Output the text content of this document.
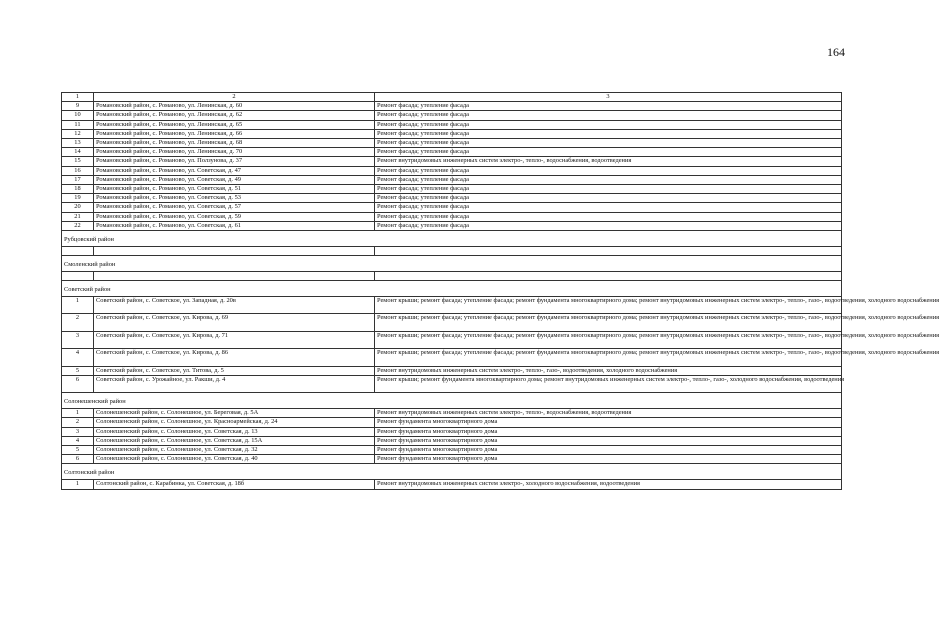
164
1	2	3
9	Романовский район, с. Романово, ул. Ленинская, д. 60	Ремонт фасада; утепление фасада
10	Романовский район, с. Романово, ул. Ленинская, д. 62	Ремонт фасада; утепление фасада
11	Романовский район, с. Романово, ул. Ленинская, д. 65	Ремонт фасада; утепление фасада
12	Романовский район, с. Романово, ул. Ленинская, д. 66	Ремонт фасада; утепление фасада
13	Романовский район, с. Романово, ул. Ленинская, д. 68	Ремонт фасада; утепление фасада
14	Романовский район, с. Романово, ул. Ленинская, д. 70	Ремонт фасада; утепление фасада
15	Романовский район, с. Романово, ул. Ползунова, д. 37	Ремонт внутридомовых инженерных систем электро-, тепло-, водоснабжения, водоотведения
16	Романовский район, с. Романово, ул. Советская, д. 47	Ремонт фасада; утепление фасада
17	Романовский район, с. Романово, ул. Советская, д. 49	Ремонт фасада; утепление фасада
18	Романовский район, с. Романово, ул. Советская, д. 51	Ремонт фасада; утепление фасада
19	Романовский район, с. Романово, ул. Советская, д. 53	Ремонт фасада; утепление фасада
20	Романовский район, с. Романово, ул. Советская, д. 57	Ремонт фасада; утепление фасада
21	Романовский район, с. Романово, ул. Советская, д. 59	Ремонт фасада; утепление фасада
22	Романовский район, с. Романово, ул. Советская, д. 61	Ремонт фасада; утепление фасада
Рубцовский район		

Смоленский район		

Советский район		
1	Советский район, с. Советское, ул. Западная, д. 20в	Ремонт крыши; ремонт фасада; утепление фасада; ремонт фундамента многоквартирного дома; ремонт внутридомовых инженерных систем электро-, тепло-, газо-, водоотведения, холодного водоснабжения
2	Советский район, с. Советское, ул. Кирова, д. 69	Ремонт крыши; ремонт фасада; утепление фасада; ремонт фундамента многоквартирного дома; ремонт внутридомовых инженерных систем электро-, тепло-, газо-, водоотведения, холодного водоснабжения
3	Советский район, с. Советское, ул. Кирова, д. 71	Ремонт крыши; ремонт фасада; утепление фасада; ремонт фундамента многоквартирного дома; ремонт внутридомовых инженерных систем электро-, тепло-, газо-, водоотведения, холодного водоснабжения
4	Советский район, с. Советское, ул. Кирова, д. 86	Ремонт крыши; ремонт фасада; утепление фасада; ремонт фундамента многоквартирного дома; ремонт внутридомовых инженерных систем электро-, тепло-, газо-, водоотведения, холодного водоснабжения
5	Советский район, с. Советское, ул. Титова, д. 5	Ремонт внутридомовых инженерных систем электро-, тепло-, газо-, водоотведения, холодного водоснабжения
6	Советский район, с. Урожайное, ул. Ракши, д. 4	Ремонт крыши; ремонт фундамента многоквартирного дома; ремонт внутридомовых инженерных систем электро-, тепло-, газо-, холодного водоснабжения, водоотведения
Солонешенский район		
1	Солонешенский район, с. Солонешное, ул. Береговая, д. 5А	Ремонт внутридомовых инженерных систем электро-, тепло-, водоснабжения, водоотведения
2	Солонешенский район, с. Солонешное, ул. Красноармейская, д. 24	Ремонт фундамента многоквартирного дома
3	Солонешенский район, с. Солонешное, ул. Советская, д. 13	Ремонт фундамента многоквартирного дома
4	Солонешенский район, с. Солонешное, ул. Советская, д. 15А	Ремонт фундамента многоквартирного дома
5	Солонешенский район, с. Солонешное, ул. Советская, д. 32	Ремонт фундамента многоквартирного дома
6	Солонешенский район, с. Солонешное, ул. Советская, д. 40	Ремонт фундамента многоквартирного дома
Солтонский район		
1	Солтонский район, с. Карабинка, ул. Советская, д. 18б	Ремонт внутридомовых инженерных систем электро-, холодного водоснабжения, водоотведения
